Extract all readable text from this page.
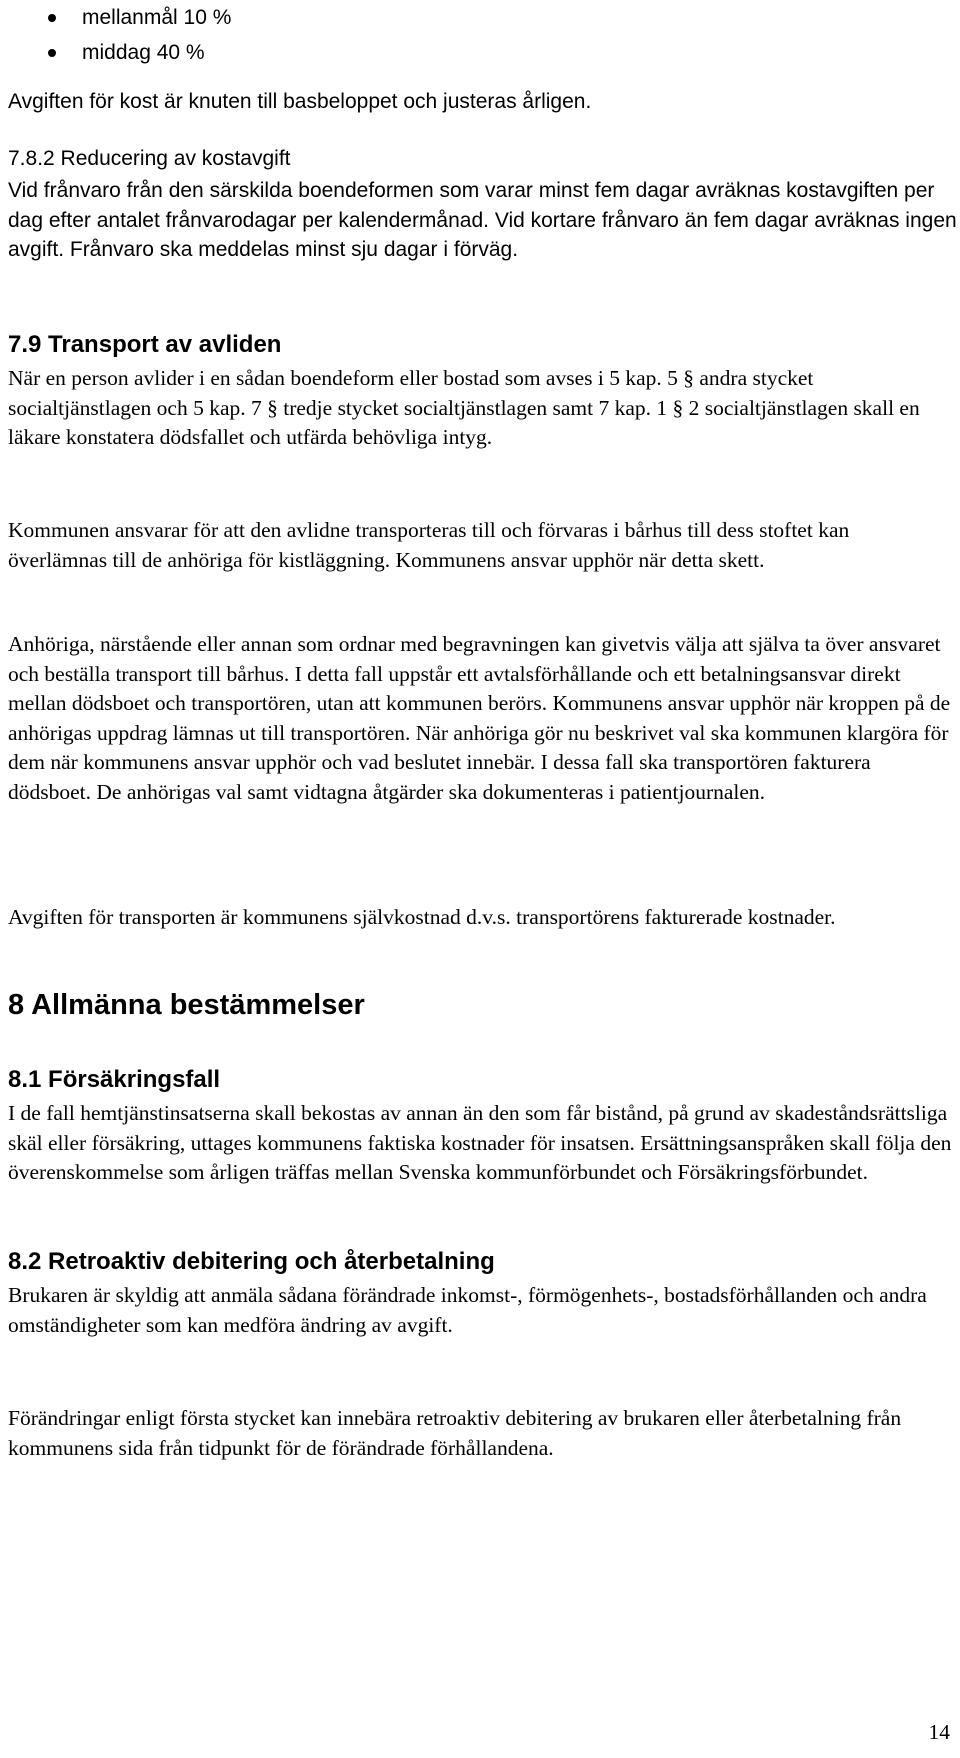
mellanmål 10 %
middag 40 %

Avgiften för kost är knuten till basbeloppet och justeras årligen.

7.8.2 Reducering av kostavgift

Vid frånvaro från den särskilda boendeformen som varar minst fem dagar avräknas kostavgiften per dag efter antalet frånvarodagar per kalendermånad. Vid kortare frånvaro än fem dagar avräknas ingen avgift. Frånvaro ska meddelas minst sju dagar i förväg.

7.9 Transport av avliden

När en person avlider i en sådan boendeform eller bostad som avses i 5 kap. 5 § andra stycket socialtjänstlagen och 5 kap. 7 § tredje stycket socialtjänstlagen samt 7 kap. 1 § 2 socialtjänstlagen skall en läkare konstatera dödsfallet och utfärda behövliga intyg.

Kommunen ansvarar för att den avlidne transporteras till och förvaras i bårhus till dess stoftet kan överlämnas till de anhöriga för kistläggning. Kommunens ansvar upphör när detta skett.

Anhöriga, närstående eller annan som ordnar med begravningen kan givetvis välja att själva ta över ansvaret och beställa transport till bårhus. I detta fall uppstår ett avtalsförhållande och ett betalningsansvar direkt mellan dödsboet och transportören, utan att kommunen berörs. Kommunens ansvar upphör när kroppen på de anhörigas uppdrag lämnas ut till transportören. När anhöriga gör nu beskrivet val ska kommunen klargöra för dem när kommunens ansvar upphör och vad beslutet innebär. I dessa fall ska transportören fakturera dödsboet. De anhörigas val samt vidtagna åtgärder ska dokumenteras i patientjournalen.

Avgiften för transporten är kommunens självkostnad d.v.s. transportörens fakturerade kostnader.

8 Allmänna bestämmelser
8.1 Försäkringsfall

I de fall hemtjänstinsatserna skall bekostas av annan än den som får bistånd, på grund av skadeståndsrättsliga skäl eller försäkring, uttages kommunens faktiska kostnader för insatsen. Ersättningsanspråken skall följa den överenskommelse som årligen träffas mellan Svenska kommunförbundet och Försäkringsförbundet.

8.2 Retroaktiv debitering och återbetalning

Brukaren är skyldig att anmäla sådana förändrade inkomst-, förmögenhets-, bostadsförhållanden och andra omständigheter som kan medföra ändring av avgift.

Förändringar enligt första stycket kan innebära retroaktiv debitering av brukaren eller återbetalning från kommunens sida från tidpunkt för de förändrade förhållandena.

14
